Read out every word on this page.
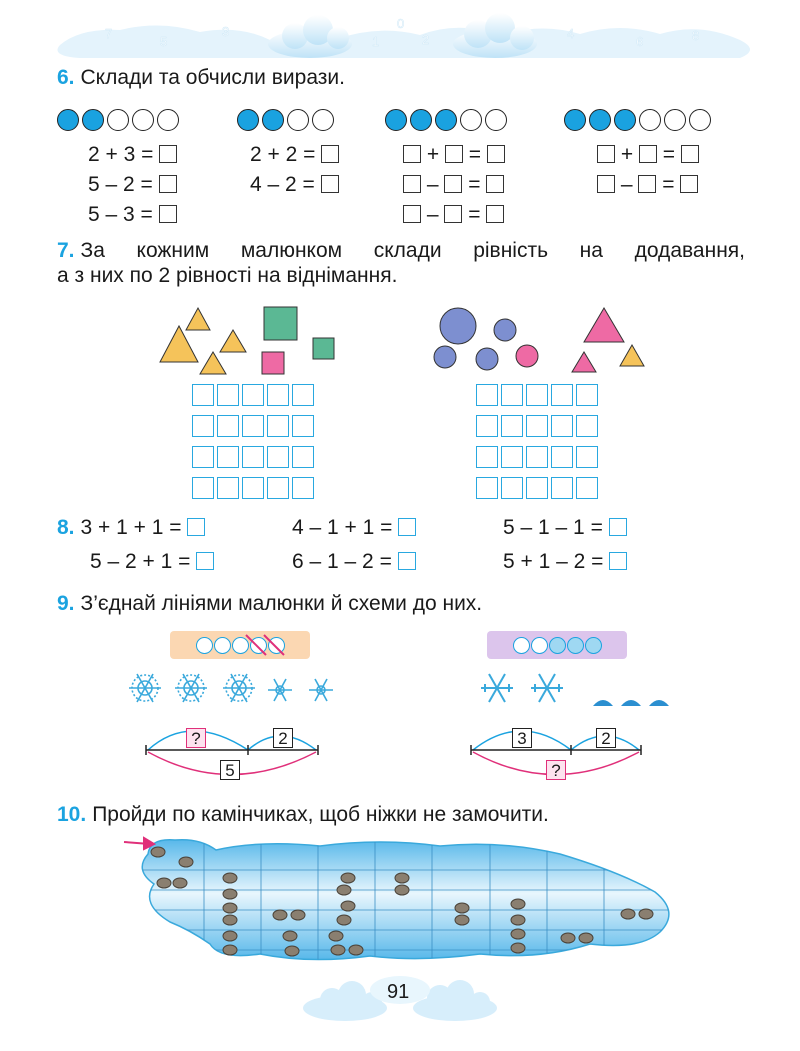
7
5
3
1
0
2	4
6	8
6. Склади та обчисли вирази.
2 + 3 =
5 – 2 =
5 – 3 =
2 + 2 =
4 – 2 =
+ =
– =
– =
+ =
– =
7. За кожним малюнком склади рівність на додавання,
а з них по 2 рівності на віднімання.
8. 3 + 1 + 1 =	4 – 1 + 1 =	5 – 1 – 1 =
5 – 2 + 1 =	6 – 1 – 2 =	5 + 1 – 2 =
9. З’єднай лініями малюнки й схеми до них.
?	2
5
3	2
?
10. Пройди по камінчиках, щоб ніжки не замочити.
91
